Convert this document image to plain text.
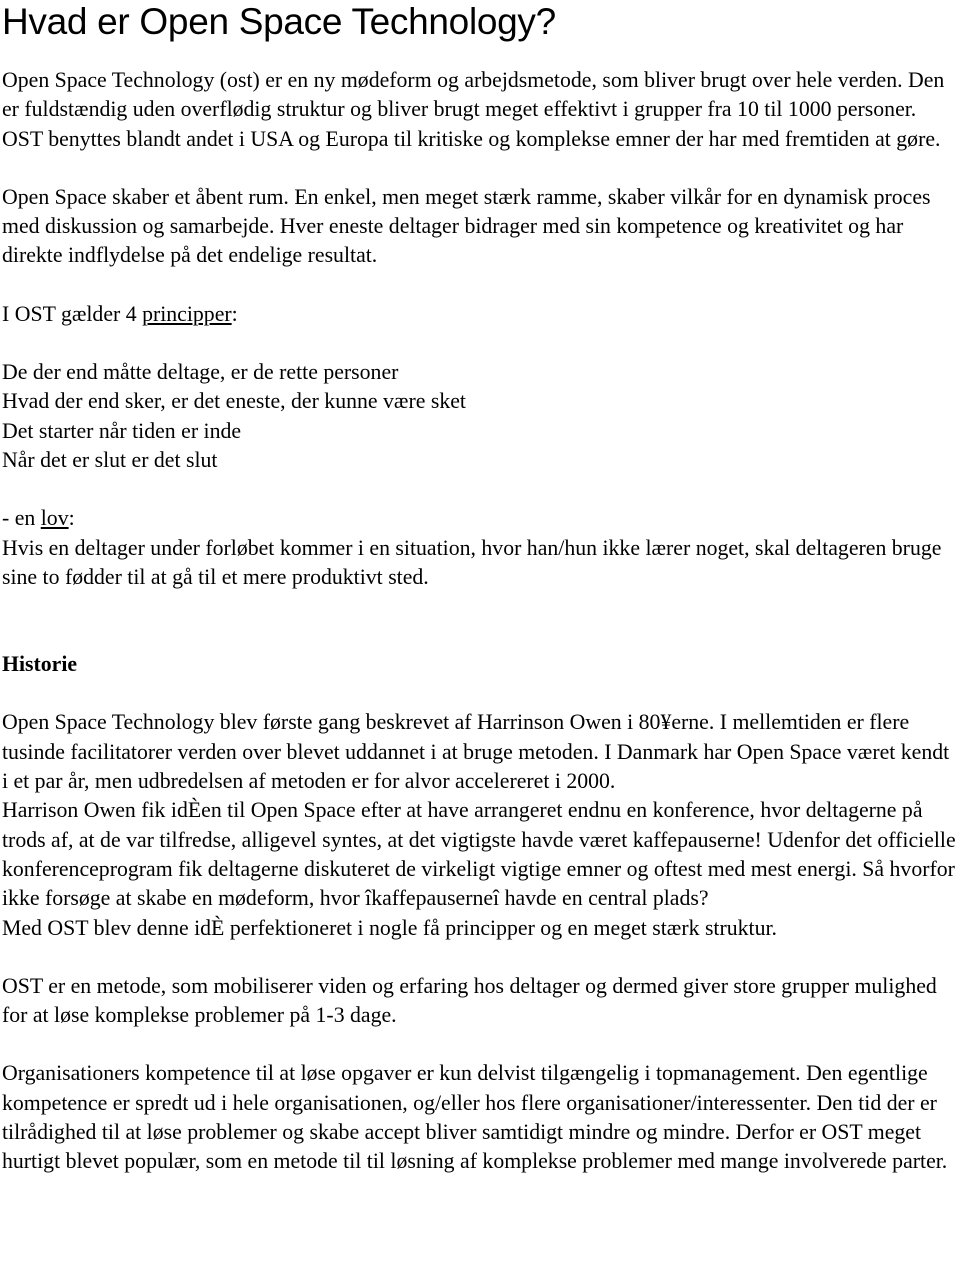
Hvad er Open Space Technology?

Open Space Technology (ost) er en ny mødeform og arbejdsmetode, som bliver brugt over hele verden. Den er fuldstændig uden overflødig struktur og bliver brugt meget effektivt i grupper fra 10 til 1000 personer. OST benyttes blandt andet i USA og Europa til kritiske og komplekse emner der har med fremtiden at gøre.

Open Space skaber et åbent rum. En enkel, men meget stærk ramme, skaber vilkår for en dynamisk proces med diskussion og samarbejde. Hver eneste deltager bidrager med sin kompetence og kreativitet og har direkte indflydelse på det endelige resultat.

I OST gælder 4 principper:

De der end måtte deltage, er de rette personer

Hvad der end sker, er det eneste, der kunne være sket

Det starter når tiden er inde

Når det er slut er det slut

- en lov:

Hvis en deltager under forløbet kommer i en situation, hvor han/hun ikke lærer noget, skal deltageren bruge sine to fødder til at gå til et mere produktivt sted.

Historie

Open Space Technology blev første gang beskrevet af Harrinson Owen i 80¥erne. I mellemtiden er flere tusinde facilitatorer verden over blevet uddannet i at bruge metoden. I Danmark har Open Space været kendt i et par år, men udbredelsen af metoden er for alvor accelereret i 2000.

Harrison Owen fik idÈen til Open Space efter at have arrangeret endnu en konference, hvor deltagerne på trods af, at de var tilfredse, alligevel syntes, at det vigtigste havde været kaffepauserne! Udenfor det officielle konferenceprogram fik deltagerne diskuteret de virkeligt vigtige emner og oftest med mest energi. Så hvorfor ikke forsøge at skabe en mødeform, hvor îkaffepauserneî havde en central plads?

Med OST blev denne idÈ perfektioneret i nogle få principper og en meget stærk struktur.

OST er en metode, som mobiliserer viden og erfaring hos deltager og dermed giver store grupper mulighed for at løse komplekse problemer på 1-3 dage.

Organisationers kompetence til at løse opgaver er kun delvist tilgængelig i topmanagement. Den egentlige kompetence er spredt ud i hele organisationen, og/eller hos flere organisationer/interessenter. Den tid der er tilrådighed til at løse problemer og skabe accept bliver samtidigt mindre og mindre. Derfor er OST meget hurtigt blevet populær, som en metode til til løsning af komplekse problemer med mange involverede parter.
